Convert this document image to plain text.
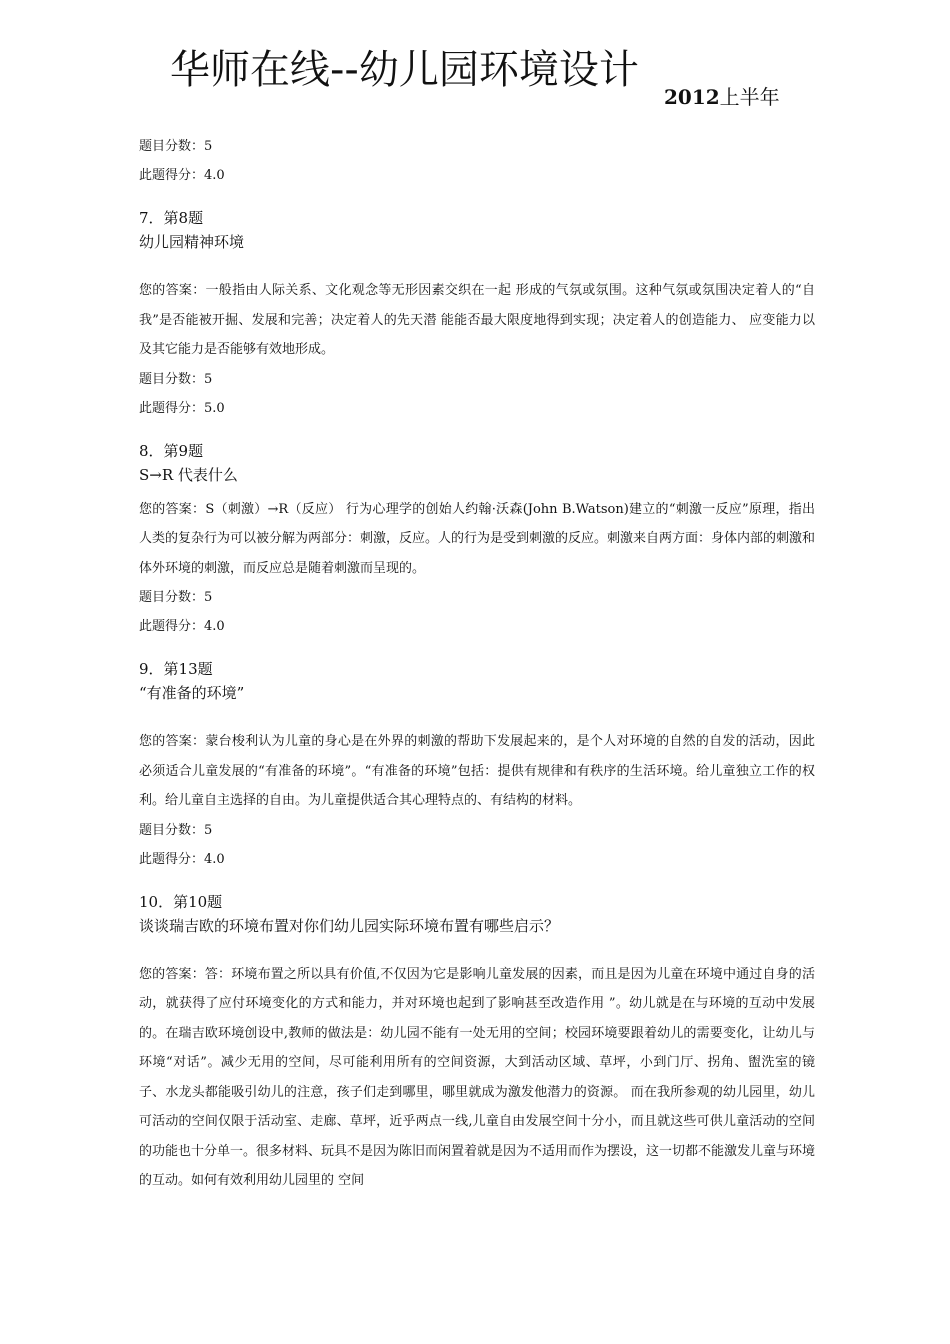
华师在线--幼儿园环境设计
2012上半年
题目分数：5
此题得分：4.0
7．第8题
幼儿园精神环境
您的答案：一般指由人际关系、文化观念等无形因素交织在一起 形成的气氛或氛围。这种气氛或氛围决定着人的“自 我”是否能被开掘、发展和完善；决定着人的先天潜 能能否最大限度地得到实现；决定着人的创造能力、 应变能力以及其它能力是否能够有效地形成。
题目分数：5
此题得分：5.0
8．第9题
S→R 代表什么
您的答案：S（刺激）→R（反应） 行为心理学的创始人约翰·沃森(John B.Watson)建立的“刺激一反应”原理，指出人类的复杂行为可以被分解为两部分：刺激，反应。人的行为是受到刺激的反应。刺激来自两方面：身体内部的刺激和体外环境的刺激，而反应总是随着刺激而呈现的。
题目分数：5
此题得分：4.0
9．第13题
“有准备的环境”
您的答案：蒙台梭利认为儿童的身心是在外界的刺激的帮助下发展起来的，是个人对环境的自然的自发的活动，因此必须适合儿童发展的“有准备的环境”。“有准备的环境”包括：提供有规律和有秩序的生活环境。给儿童独立工作的权利。给儿童自主选择的自由。为儿童提供适合其心理特点的、有结构的材料。
题目分数：5
此题得分：4.0
10．第10题
谈谈瑞吉欧的环境布置对你们幼儿园实际环境布置有哪些启示？
您的答案：答：环境布置之所以具有价值,不仅因为它是影响儿童发展的因素，而且是因为儿童在环境中通过自身的活动，就获得了应付环境变化的方式和能力，并对环境也起到了影响甚至改造作用 ”。幼儿就是在与环境的互动中发展的。在瑞吉欧环境创设中,教师的做法是：幼儿园不能有一处无用的空间；校园环境要跟着幼儿的需要变化，让幼儿与环境“对话”。减少无用的空间，尽可能利用所有的空间资源，大到活动区域、草坪，小到门厅、拐角、盥洗室的镜子、水龙头都能吸引幼儿的注意，孩子们走到哪里，哪里就成为激发他潜力的资源。 而在我所参观的幼儿园里，幼儿可活动的空间仅限于活动室、走廊、草坪，近乎两点一线,儿童自由发展空间十分小，而且就这些可供儿童活动的空间的功能也十分单一。很多材料、玩具不是因为陈旧而闲置着就是因为不适用而作为摆设，这一切都不能激发儿童与环境的互动。如何有效利用幼儿园里的 空间
